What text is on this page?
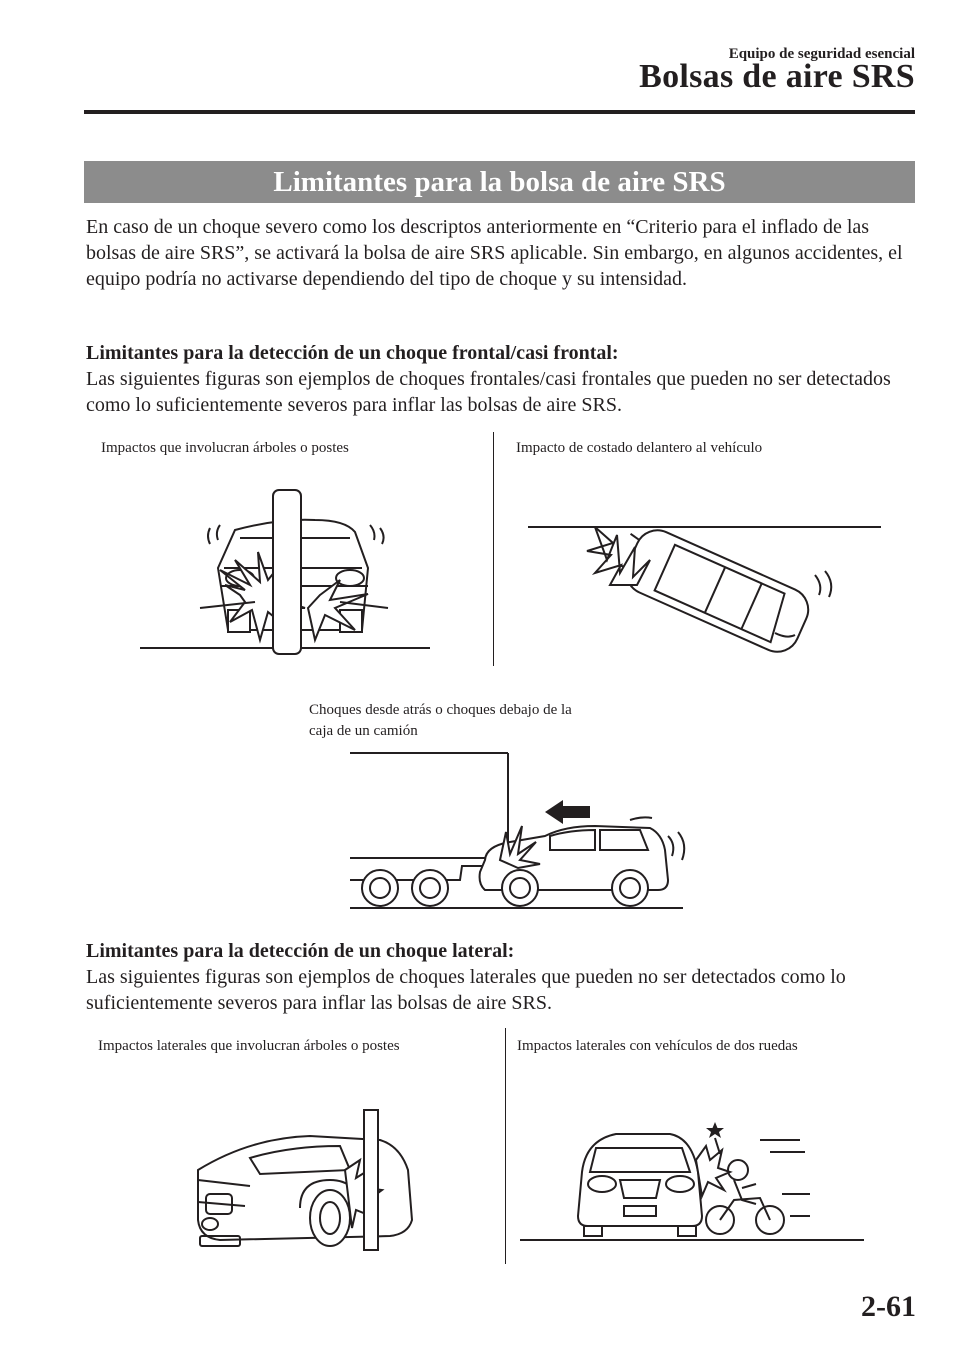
Equipo de seguridad esencial
Bolsas de aire SRS
Limitantes para la bolsa de aire SRS

En caso de un choque severo como los descriptos anteriormente en “Criterio para el inflado de las bolsas de aire SRS”, se activará la bolsa de aire SRS aplicable. Sin embargo, en algunos accidentes, el equipo podría no activarse dependiendo del tipo de choque y su intensidad.

Limitantes para la detección de un choque frontal/casi frontal:

Las siguientes figuras son ejemplos de choques frontales/casi frontales que pueden no ser detectados como lo suficientemente severos para inflar las bolsas de aire SRS.

Impactos que involucran árboles o postes	Impacto de costado delantero al vehículo
Choques desde atrás o choques debajo de la
caja de un camión

Limitantes para la detección de un choque lateral:

Las siguientes figuras son ejemplos de choques laterales que pueden no ser detectados como lo suficientemente severos para inflar las bolsas de aire SRS.

Impactos laterales que involucran árboles o postes	Impactos laterales con vehículos de dos ruedas
2-61
